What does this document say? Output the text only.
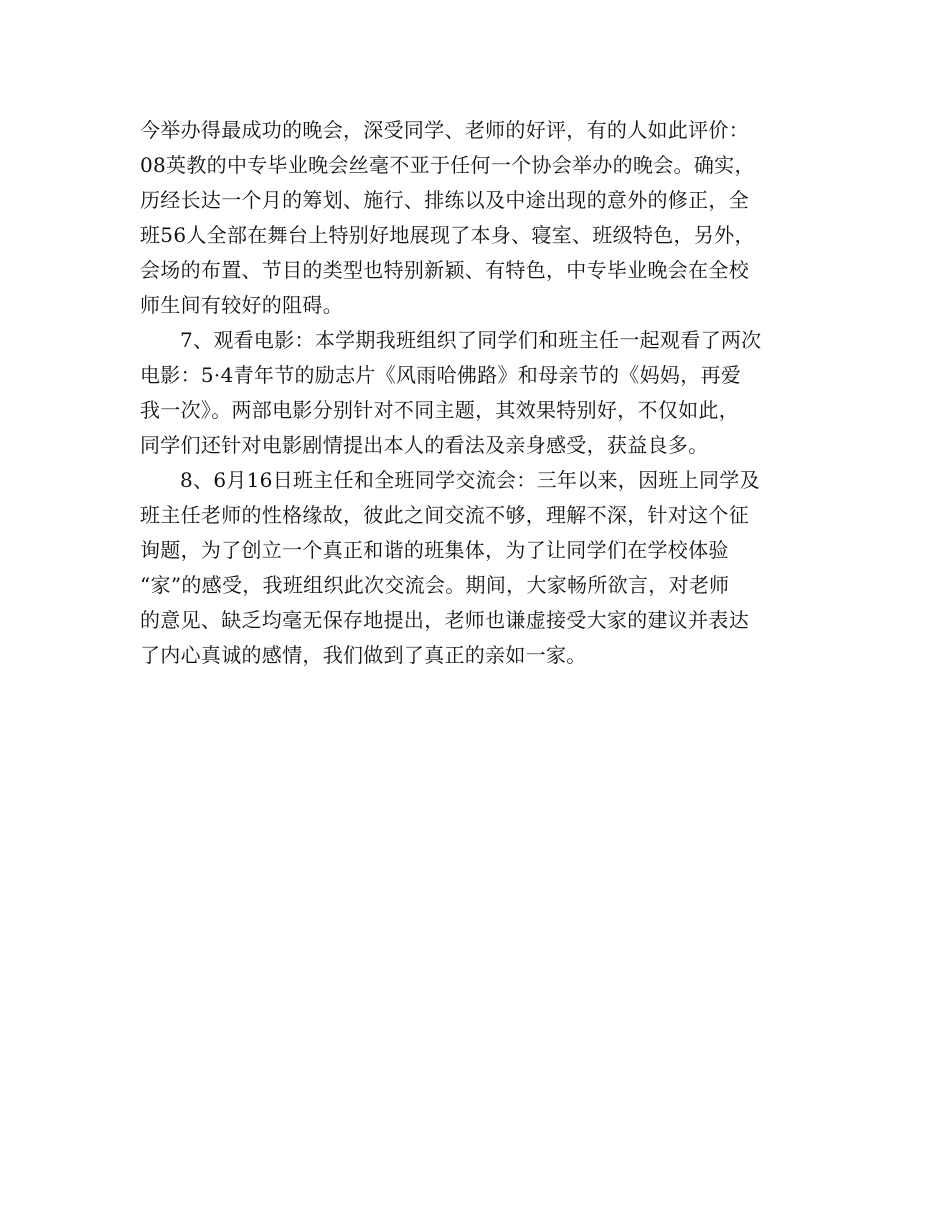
今举办得最成功的晚会，深受同学、老师的好评，有的人如此评价：
08英教的中专毕业晚会丝毫不亚于任何一个协会举办的晚会。确实，
历经长达一个月的筹划、施行、排练以及中途出现的意外的修正，全
班56人全部在舞台上特别好地展现了本身、寝室、班级特色，另外，
会场的布置、节目的类型也特别新颖、有特色，中专毕业晚会在全校
师生间有较好的阻碍。
7、观看电影：本学期我班组织了同学们和班主任一起观看了两次
电影：5·4青年节的励志片《风雨哈佛路》和母亲节的《妈妈，再爱
我一次》。两部电影分别针对不同主题，其效果特别好，不仅如此，
同学们还针对电影剧情提出本人的看法及亲身感受，获益良多。
8、6月16日班主任和全班同学交流会：三年以来，因班上同学及
班主任老师的性格缘故，彼此之间交流不够，理解不深，针对这个征
询题，为了创立一个真正和谐的班集体，为了让同学们在学校体验
“家”的感受，我班组织此次交流会。期间，大家畅所欲言，对老师
的意见、缺乏均毫无保存地提出，老师也谦虚接受大家的建议并表达
了内心真诚的感情，我们做到了真正的亲如一家。
